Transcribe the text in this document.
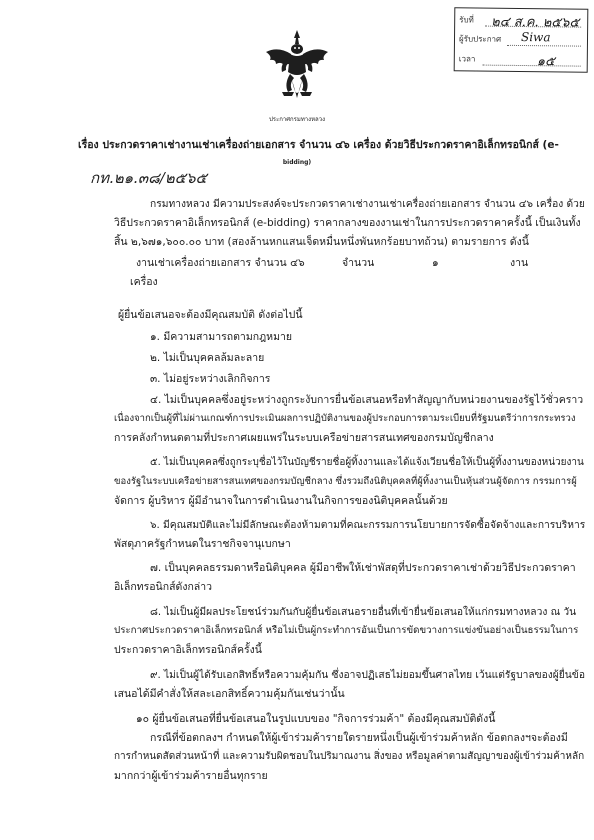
รับที่ ๒๔ ส.ค. ๒๕๖๕
ผู้รับประกาศ Siwa
เวลา	๑๕
ประกาศกรมทางหลวง
เรื่อง ประกวดราคาเช่างานเช่าเครื่องถ่ายเอกสาร จำนวน ๔๖ เครื่อง ด้วยวิธีประกวดราคาอิเล็กทรอนิกส์ (e-
bidding)
กท.๒๑.๓๘/๒๕๖๕
กรมทางหลวง มีความประสงค์จะประกวดราคาเช่างานเช่าเครื่องถ่ายเอกสาร จำนวน ๔๖ เครื่อง ด้วย
วิธีประกวดราคาอิเล็กทรอนิกส์ (e-bidding) ราคากลางของงานเช่าในการประกวดราคาครั้งนี้ เป็นเงินทั้ง
สิ้น ๒,๖๗๑,๖๐๐.๐๐ บาท (สองล้านหกแสนเจ็ดหมื่นหนึ่งพันหกร้อยบาทถ้วน) ตามรายการ ดังนี้
งานเช่าเครื่องถ่ายเอกสาร จำนวน ๔๖	จำนวน	๑	งาน
เครื่อง
ผู้ยื่นข้อเสนอจะต้องมีคุณสมบัติ ดังต่อไปนี้
๑. มีความสามารถตามกฎหมาย
๒. ไม่เป็นบุคคลล้มละลาย
๓. ไม่อยู่ระหว่างเลิกกิจการ
๔. ไม่เป็นบุคคลซึ่งอยู่ระหว่างถูกระงับการยื่นข้อเสนอหรือทำสัญญากับหน่วยงานของรัฐไว้ชั่วคราว
เนื่องจากเป็นผู้ที่ไม่ผ่านเกณฑ์การประเมินผลการปฏิบัติงานของผู้ประกอบการตามระเบียบที่รัฐมนตรีว่าการกระทรวง
การคลังกำหนดตามที่ประกาศเผยแพร่ในระบบเครือข่ายสารสนเทศของกรมบัญชีกลาง
๕. ไม่เป็นบุคคลซึ่งถูกระบุชื่อไว้ในบัญชีรายชื่อผู้ทิ้งงานและได้แจ้งเวียนชื่อให้เป็นผู้ทิ้งงานของหน่วยงาน
ของรัฐในระบบเครือข่ายสารสนเทศของกรมบัญชีกลาง ซึ่งรวมถึงนิติบุคคลที่ผู้ทิ้งงานเป็นหุ้นส่วนผู้จัดการ กรรมการผู้
จัดการ ผู้บริหาร ผู้มีอำนาจในการดำเนินงานในกิจการของนิติบุคคลนั้นด้วย
๖. มีคุณสมบัติและไม่มีลักษณะต้องห้ามตามที่คณะกรรมการนโยบายการจัดซื้อจัดจ้างและการบริหาร
พัสดุภาครัฐกำหนดในราชกิจจานุเบกษา
๗. เป็นบุคคลธรรมดาหรือนิติบุคคล ผู้มีอาชีพให้เช่าพัสดุที่ประกวดราคาเช่าด้วยวิธีประกวดราคา
อิเล็กทรอนิกส์ดังกล่าว
๘. ไม่เป็นผู้มีผลประโยชน์ร่วมกันกับผู้ยื่นข้อเสนอรายอื่นที่เข้ายื่นข้อเสนอให้แก่กรมทางหลวง ณ วัน
ประกาศประกวดราคาอิเล็กทรอนิกส์ หรือไม่เป็นผู้กระทำการอันเป็นการขัดขวางการแข่งขันอย่างเป็นธรรมในการ
ประกวดราคาอิเล็กทรอนิกส์ครั้งนี้
๙. ไม่เป็นผู้ได้รับเอกสิทธิ์หรือความคุ้มกัน ซึ่งอาจปฏิเสธไม่ยอมขึ้นศาลไทย เว้นแต่รัฐบาลของผู้ยื่นข้อ
เสนอได้มีคำสั่งให้สละเอกสิทธิ์ความคุ้มกันเช่นว่านั้น
๑๐ ผู้ยื่นข้อเสนอที่ยื่นข้อเสนอในรูปแบบของ "กิจการร่วมค้า" ต้องมีคุณสมบัติดังนี้
กรณีที่ข้อตกลงฯ กำหนดให้ผู้เข้าร่วมค้ารายใดรายหนึ่งเป็นผู้เข้าร่วมค้าหลัก ข้อตกลงฯจะต้องมี
การกำหนดสัดส่วนหน้าที่ และความรับผิดชอบในปริมาณงาน สิ่งของ หรือมูลค่าตามสัญญาของผู้เข้าร่วมค้าหลัก
มากกว่าผู้เข้าร่วมค้ารายอื่นทุกราย
